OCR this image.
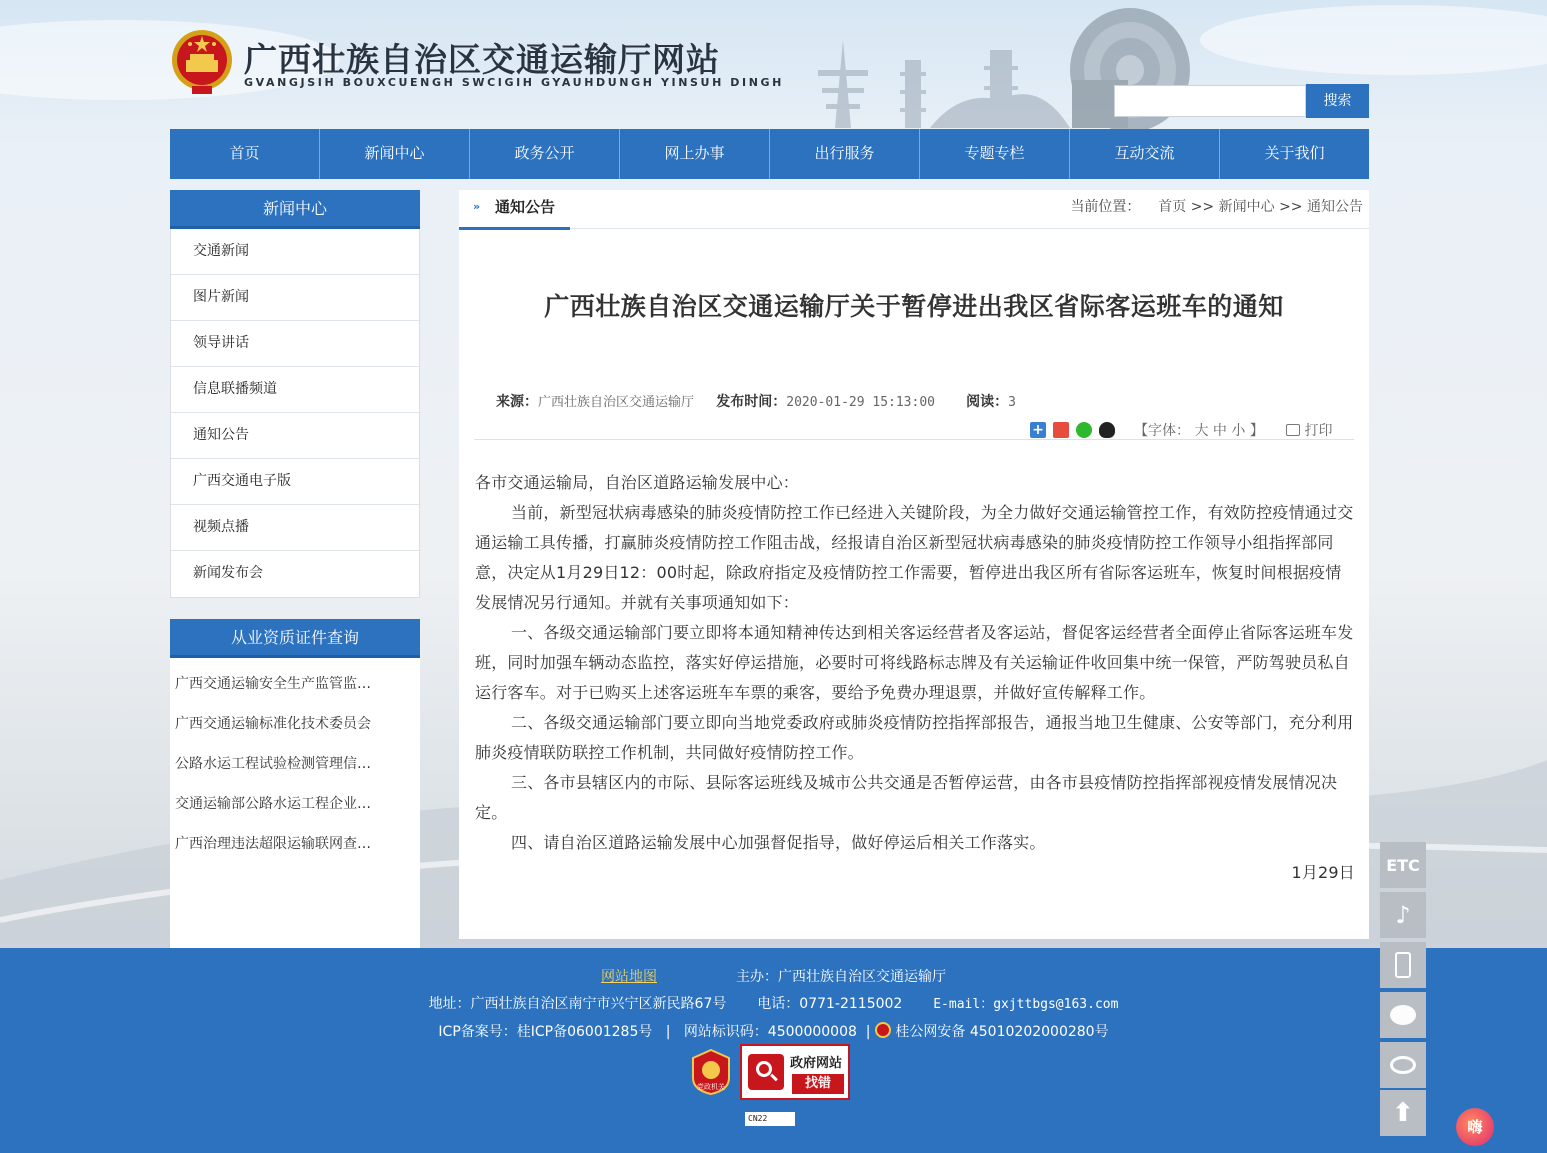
广西壮族自治区交通运输厅网站
GVANGJSIH BOUXCUENGH SWCIGIH GYAUHDUNGH YINSUH DINGH
搜索
首页	新闻中心	政务公开	网上办事	出行服务	专题专栏	互动交流	关于我们
新闻中心
交通新闻
图片新闻
领导讲话
信息联播频道
通知公告
广西交通电子版
视频点播
新闻发布会
从业资质证件查询
广西交通运输安全生产监管监…
广西交通运输标准化技术委员会
公路水运工程试验检测管理信…
交通运输部公路水运工程企业…
广西治理违法超限运输联网查…
» 通知公告	当前位置： 首页 >> 新闻中心 >> 通知公告
广西壮族自治区交通运输厅关于暂停进出我区省际客运班车的通知
来源：广西壮族自治区交通运输厅 发布时间：2020-01-29 15:13:00 阅读：3
+	【字体： 大 中 小 】	打印

各市交通运输局，自治区道路运输发展中心：

当前，新型冠状病毒感染的肺炎疫情防控工作已经进入关键阶段，为全力做好交通运输管控工作，有效防控疫情通过交通运输工具传播，打赢肺炎疫情防控工作阻击战，经报请自治区新型冠状病毒感染的肺炎疫情防控工作领导小组指挥部同意，决定从1月29日12：00时起，除政府指定及疫情防控工作需要，暂停进出我区所有省际客运班车，恢复时间根据疫情发展情况另行通知。并就有关事项通知如下：

一、各级交通运输部门要立即将本通知精神传达到相关客运经营者及客运站，督促客运经营者全面停止省际客运班车发班，同时加强车辆动态监控，落实好停运措施，必要时可将线路标志牌及有关运输证件收回集中统一保管，严防驾驶员私自运行客车。对于已购买上述客运班车车票的乘客，要给予免费办理退票，并做好宣传解释工作。

二、各级交通运输部门要立即向当地党委政府或肺炎疫情防控指挥部报告，通报当地卫生健康、公安等部门，充分利用肺炎疫情联防联控工作机制，共同做好疫情防控工作。

三、各市县辖区内的市际、县际客运班线及城市公共交通是否暂停运营，由各市县疫情防控指挥部视疫情发展情况决定。

四、请自治区道路运输发展中心加强督促指导，做好停运后相关工作落实。

1月29日

网站地图	主办：广西壮族自治区交通运输厅
地址：广西壮族自治区南宁市兴宁区新民路67号 电话：0771-2115002 E-mail：gxjttbgs@163.com
ICP备案号：桂ICP备06001285号 | 网站标识码：4500000008 | 桂公网安备 45010202000280号
党政机关
政府网站
找错
CN22
ETC
♪
⬆	嗨
